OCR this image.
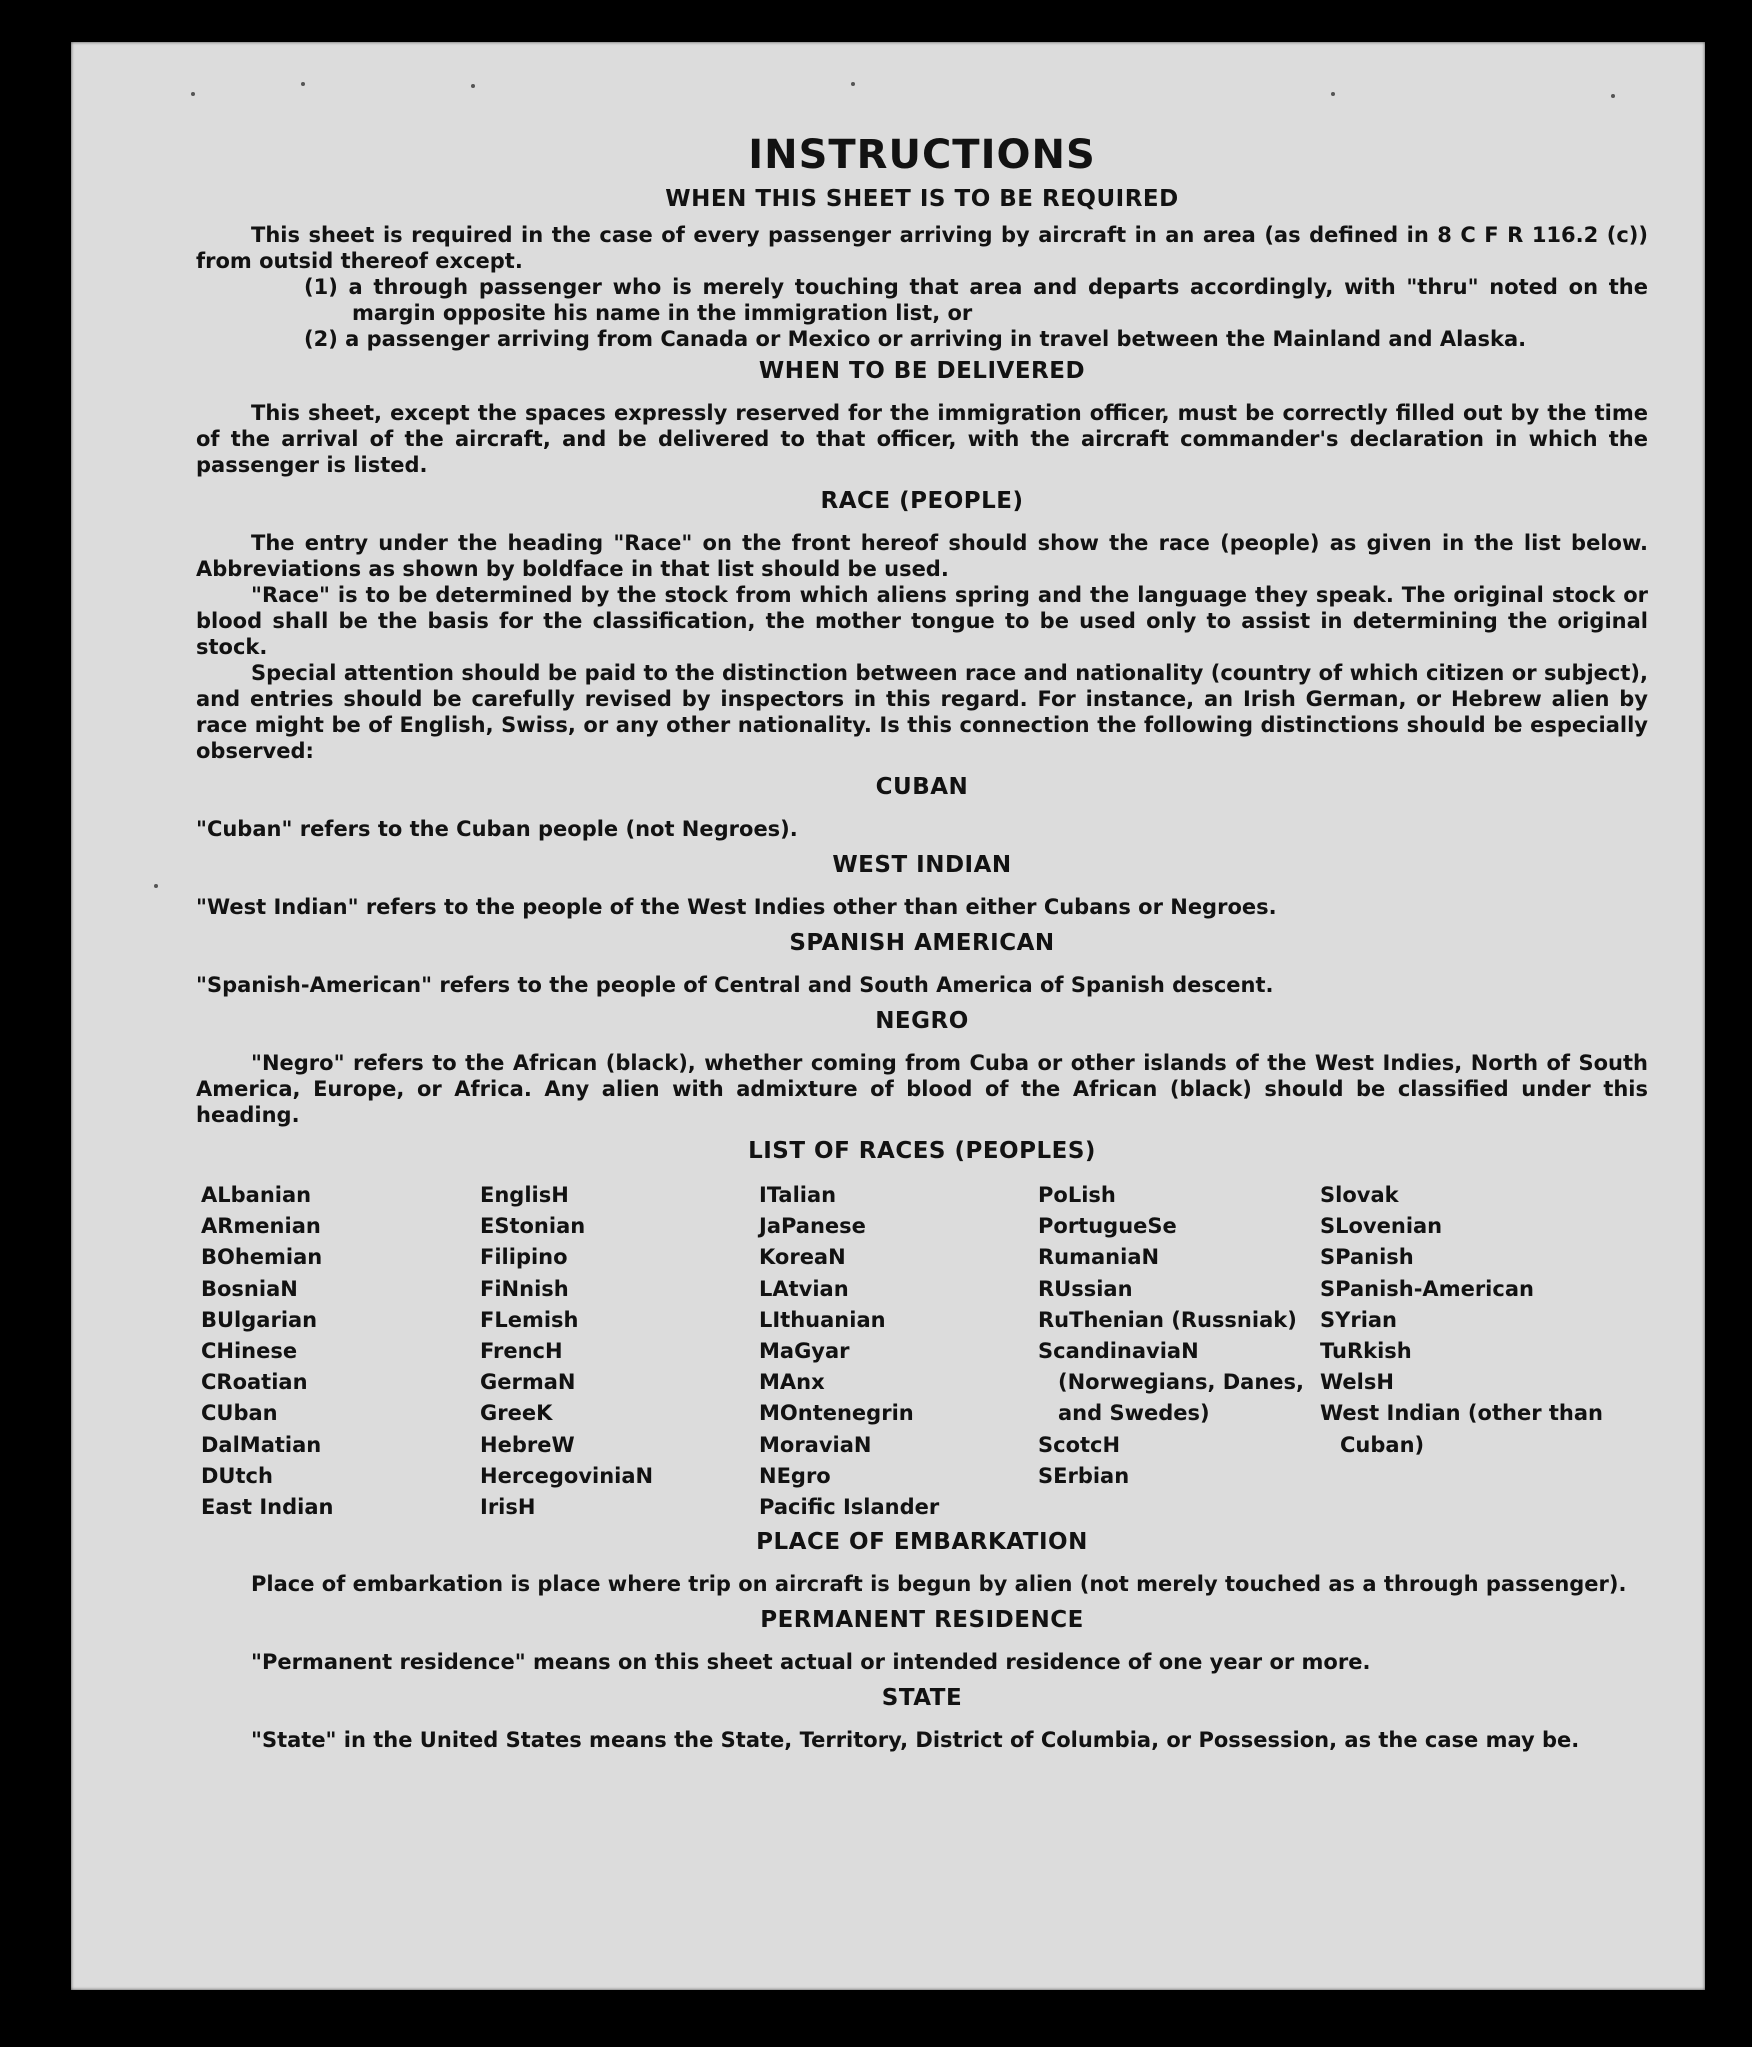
INSTRUCTIONS
WHEN THIS SHEET IS TO BE REQUIRED

This sheet is required in the case of every passenger arriving by aircraft in an area (as defined in 8 C F R 116.2 (c)) from outsid thereof except.

(1) a through passenger who is merely touching that area and departs accordingly, with "thru" noted on the margin opposite his name in the immigration list, or
(2) a passenger arriving from Canada or Mexico or arriving in travel between the Mainland and Alaska.
WHEN TO BE DELIVERED

This sheet, except the spaces expressly reserved for the immigration officer, must be correctly filled out by the time of the arrival of the aircraft, and be delivered to that officer, with the aircraft commander's declaration in which the passenger is listed.

RACE (PEOPLE)

The entry under the heading "Race" on the front hereof should show the race (people) as given in the list below. Abbreviations as shown by boldface in that list should be used.

"Race" is to be determined by the stock from which aliens spring and the language they speak. The original stock or blood shall be the basis for the classification, the mother tongue to be used only to assist in determining the original stock.

Special attention should be paid to the distinction between race and nationality (country of which citizen or subject), and entries should be carefully revised by inspectors in this regard. For instance, an Irish German, or Hebrew alien by race might be of English, Swiss, or any other nationality. Is this connection the following distinctions should be especially observed:

CUBAN

"Cuban" refers to the Cuban people (not Negroes).

WEST INDIAN

"West Indian" refers to the people of the West Indies other than either Cubans or Negroes.

SPANISH AMERICAN

"Spanish-American" refers to the people of Central and South America of Spanish descent.

NEGRO

"Negro" refers to the African (black), whether coming from Cuba or other islands of the West Indies, North of South America, Europe, or Africa. Any alien with admixture of blood of the African (black) should be classified under this heading.

LIST OF RACES (PEOPLES)
ALbanian
ARmenian
BOhemian
BosniaN
BUlgarian
CHinese
CRoatian
CUban
DalMatian
DUtch
East Indian
EnglisH
EStonian
Filipino
FiNnish
FLemish
FrencH
GermaN
GreeK
HebreW
HercegoviniaN
IrisH
ITalian
JaPanese
KoreaN
LAtvian
LIthuanian
MaGyar
MAnx
MOntenegrin
MoraviaN
NEgro
Pacific Islander
PoLish
PortugueSe
RumaniaN
RUssian
RuThenian (Russniak)
ScandinaviaN (Norwegians, Danes, and Swedes)
ScotcH
SErbian
Slovak
SLovenian
SPanish
SPanish-American
SYrian
TuRkish
WelsH
West Indian (other than Cuban)
PLACE OF EMBARKATION

Place of embarkation is place where trip on aircraft is begun by alien (not merely touched as a through passenger).

PERMANENT RESIDENCE

"Permanent residence" means on this sheet actual or intended residence of one year or more.

STATE

"State" in the United States means the State, Territory, District of Columbia, or Possession, as the case may be.
